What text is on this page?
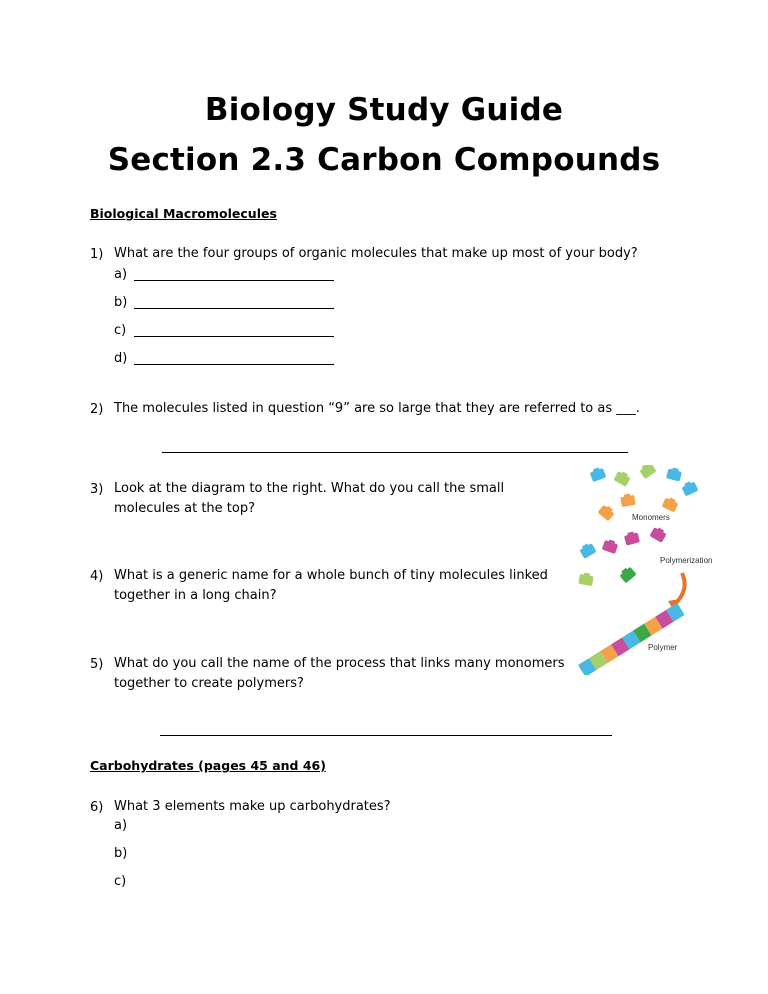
Biology Study Guide
Section 2.3 Carbon Compounds

Biological Macromolecules

1) What are the four groups of organic molecules that make up most of your body?
a)
b)
c)
d)
2) The molecules listed in question “9” are so large that they are referred to as ___.
3) Look at the diagram to the right. What do you call the small
molecules at the top?
4) What is a generic name for a whole bunch of tiny molecules linked
together in a long chain?
5) What do you call the name of the process that links many monomers
together to create polymers?

Carbohydrates (pages 45 and 46)

6) What 3 elements make up carbohydrates?
a)
b)
c)
Monomers
Polymerization
Polymer
